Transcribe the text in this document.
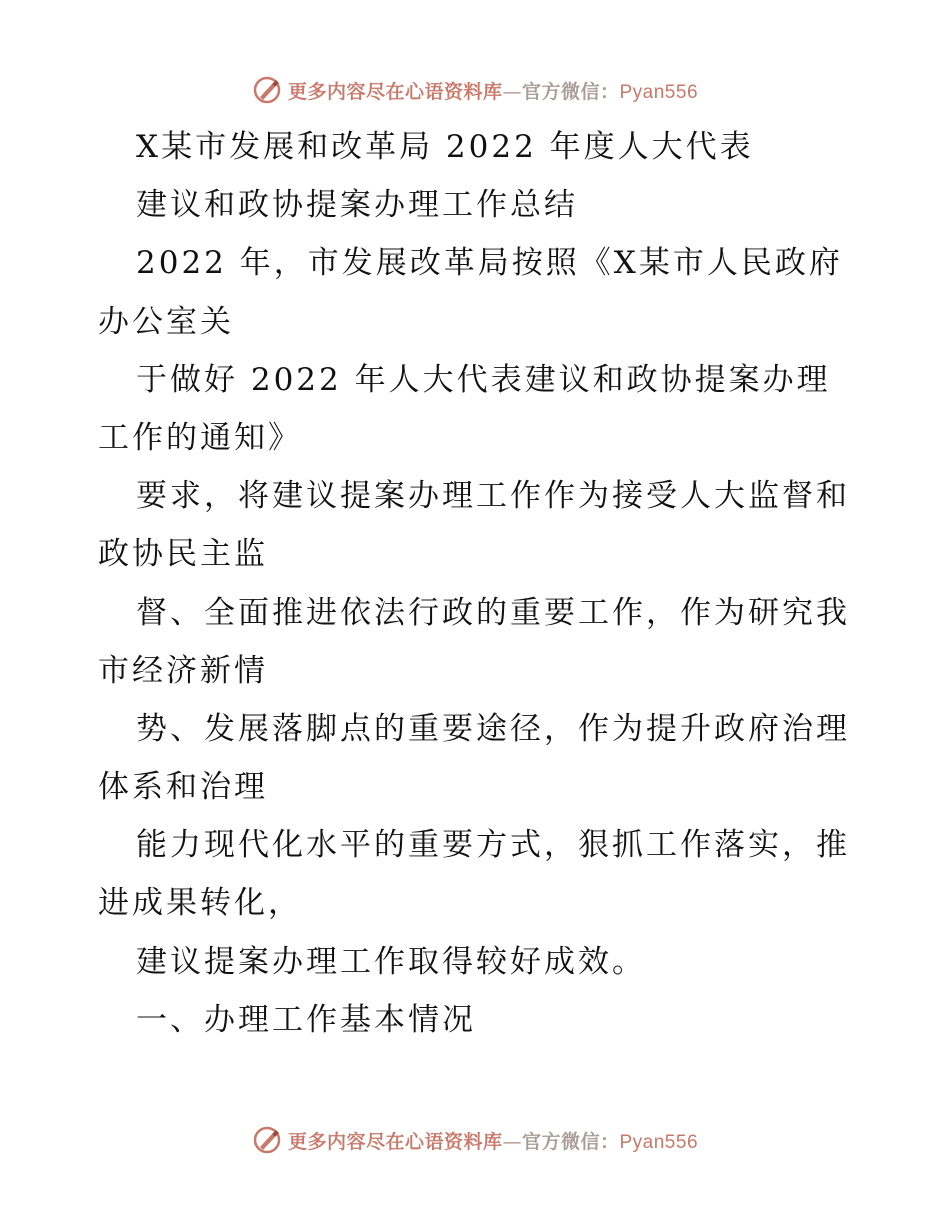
更多内容尽在心语资料库—官方微信：Pyan556
X某市发展和改革局 2022 年度人大代表
建议和政协提案办理工作总结
2022 年，市发展改革局按照《X某市人民政府
办公室关
于做好 2022 年人大代表建议和政协提案办理
工作的通知》
要求，将建议提案办理工作作为接受人大监督和
政协民主监
督、全面推进依法行政的重要工作，作为研究我
市经济新情
势、发展落脚点的重要途径，作为提升政府治理
体系和治理
能力现代化水平的重要方式，狠抓工作落实，推
进成果转化，
建议提案办理工作取得较好成效。
一、办理工作基本情况
更多内容尽在心语资料库—官方微信：Pyan556
